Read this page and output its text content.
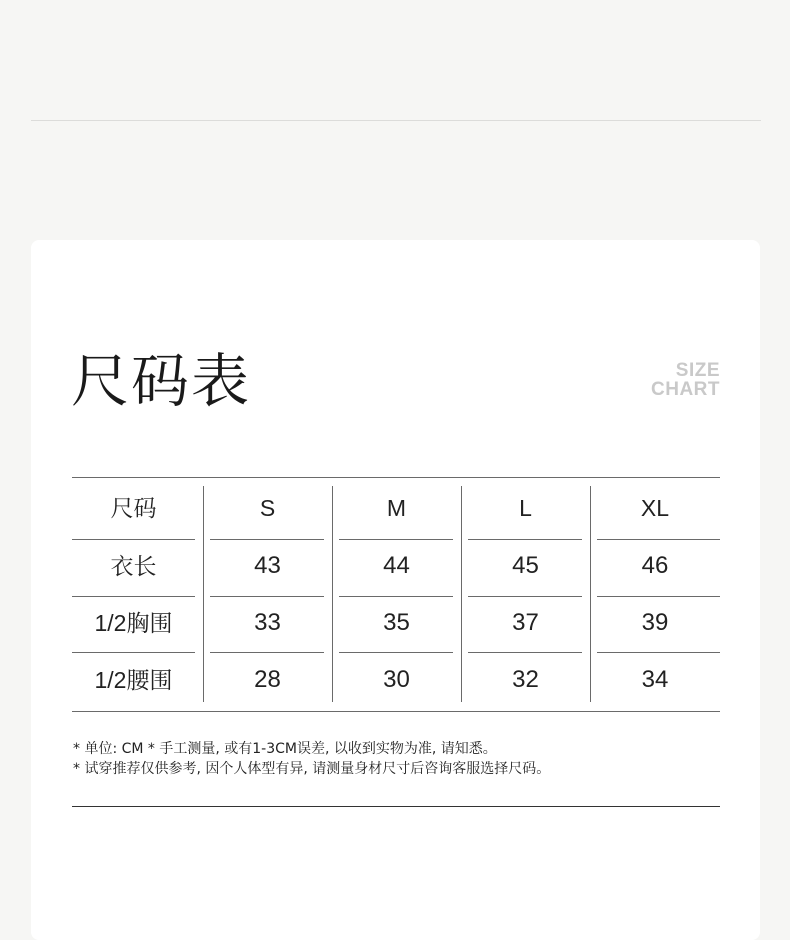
尺码表	SIZE
CHART
尺码	S	M	L	XL
衣长	43	44	45	46
1/2胸围	33	35	37	39
1/2腰围	28	30	32	34
* 单位: CM * 手工测量, 或有1-3CM误差, 以收到实物为准, 请知悉。
* 试穿推荐仅供参考, 因个人体型有异, 请测量身材尺寸后咨询客服选择尺码。
